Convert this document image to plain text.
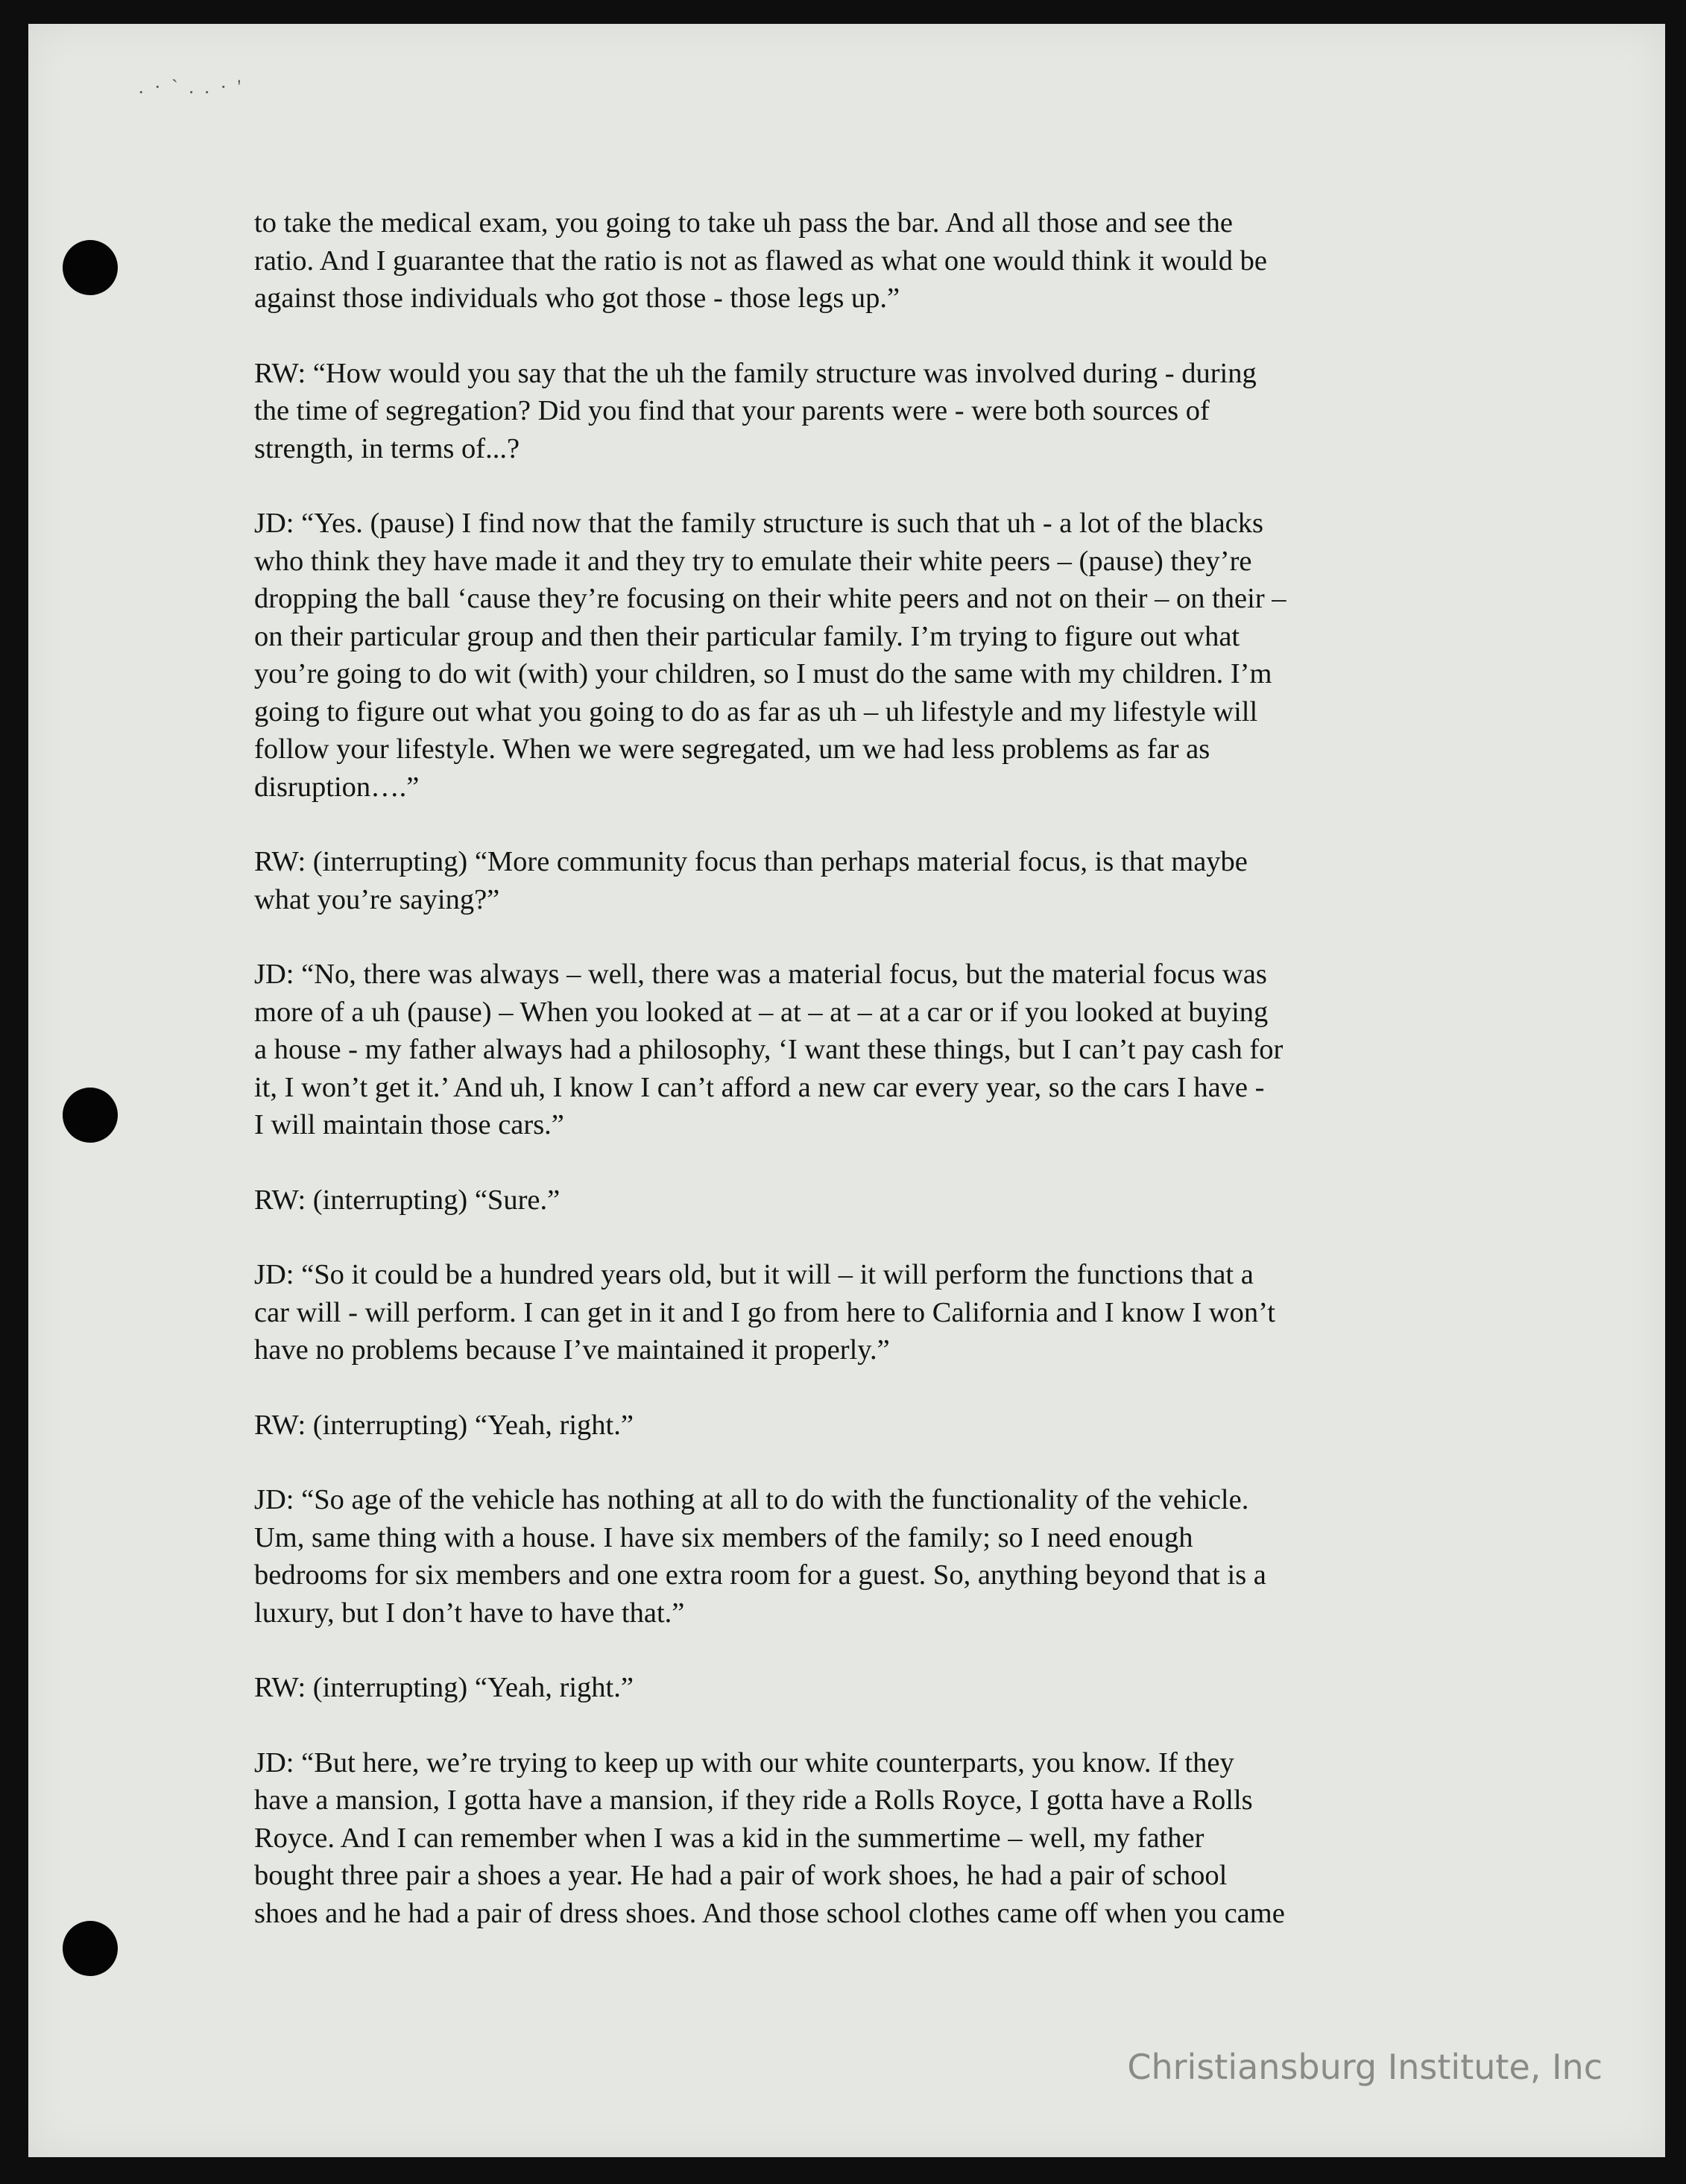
. · ` . . · '

to take the medical exam, you going to take uh pass the bar. And all those and see the
ratio. And I guarantee that the ratio is not as flawed as what one would think it would be
against those individuals who got those - those legs up.”

RW: “How would you say that the uh the family structure was involved during - during
the time of segregation? Did you find that your parents were - were both sources of
strength, in terms of...?

JD: “Yes. (pause) I find now that the family structure is such that uh - a lot of the blacks
who think they have made it and they try to emulate their white peers – (pause) they’re
dropping the ball ‘cause they’re focusing on their white peers and not on their – on their –
on their particular group and then their particular family. I’m trying to figure out what
you’re going to do wit (with) your children, so I must do the same with my children. I’m
going to figure out what you going to do as far as uh – uh lifestyle and my lifestyle will
follow your lifestyle. When we were segregated, um we had less problems as far as
disruption….”

RW: (interrupting) “More community focus than perhaps material focus, is that maybe
what you’re saying?”

JD: “No, there was always – well, there was a material focus, but the material focus was
more of a uh (pause) – When you looked at – at – at – at a car or if you looked at buying
a house - my father always had a philosophy, ‘I want these things, but I can’t pay cash for
it, I won’t get it.’ And uh, I know I can’t afford a new car every year, so the cars I have -
I will maintain those cars.”

RW: (interrupting) “Sure.”

JD: “So it could be a hundred years old, but it will – it will perform the functions that a
car will - will perform. I can get in it and I go from here to California and I know I won’t
have no problems because I’ve maintained it properly.”

RW: (interrupting) “Yeah, right.”

JD: “So age of the vehicle has nothing at all to do with the functionality of the vehicle.
Um, same thing with a house. I have six members of the family; so I need enough
bedrooms for six members and one extra room for a guest. So, anything beyond that is a
luxury, but I don’t have to have that.”

RW: (interrupting) “Yeah, right.”

JD: “But here, we’re trying to keep up with our white counterparts, you know. If they
have a mansion, I gotta have a mansion, if they ride a Rolls Royce, I gotta have a Rolls
Royce. And I can remember when I was a kid in the summertime – well, my father
bought three pair a shoes a year. He had a pair of work shoes, he had a pair of school
shoes and he had a pair of dress shoes. And those school clothes came off when you came

Christiansburg Institute, Inc
